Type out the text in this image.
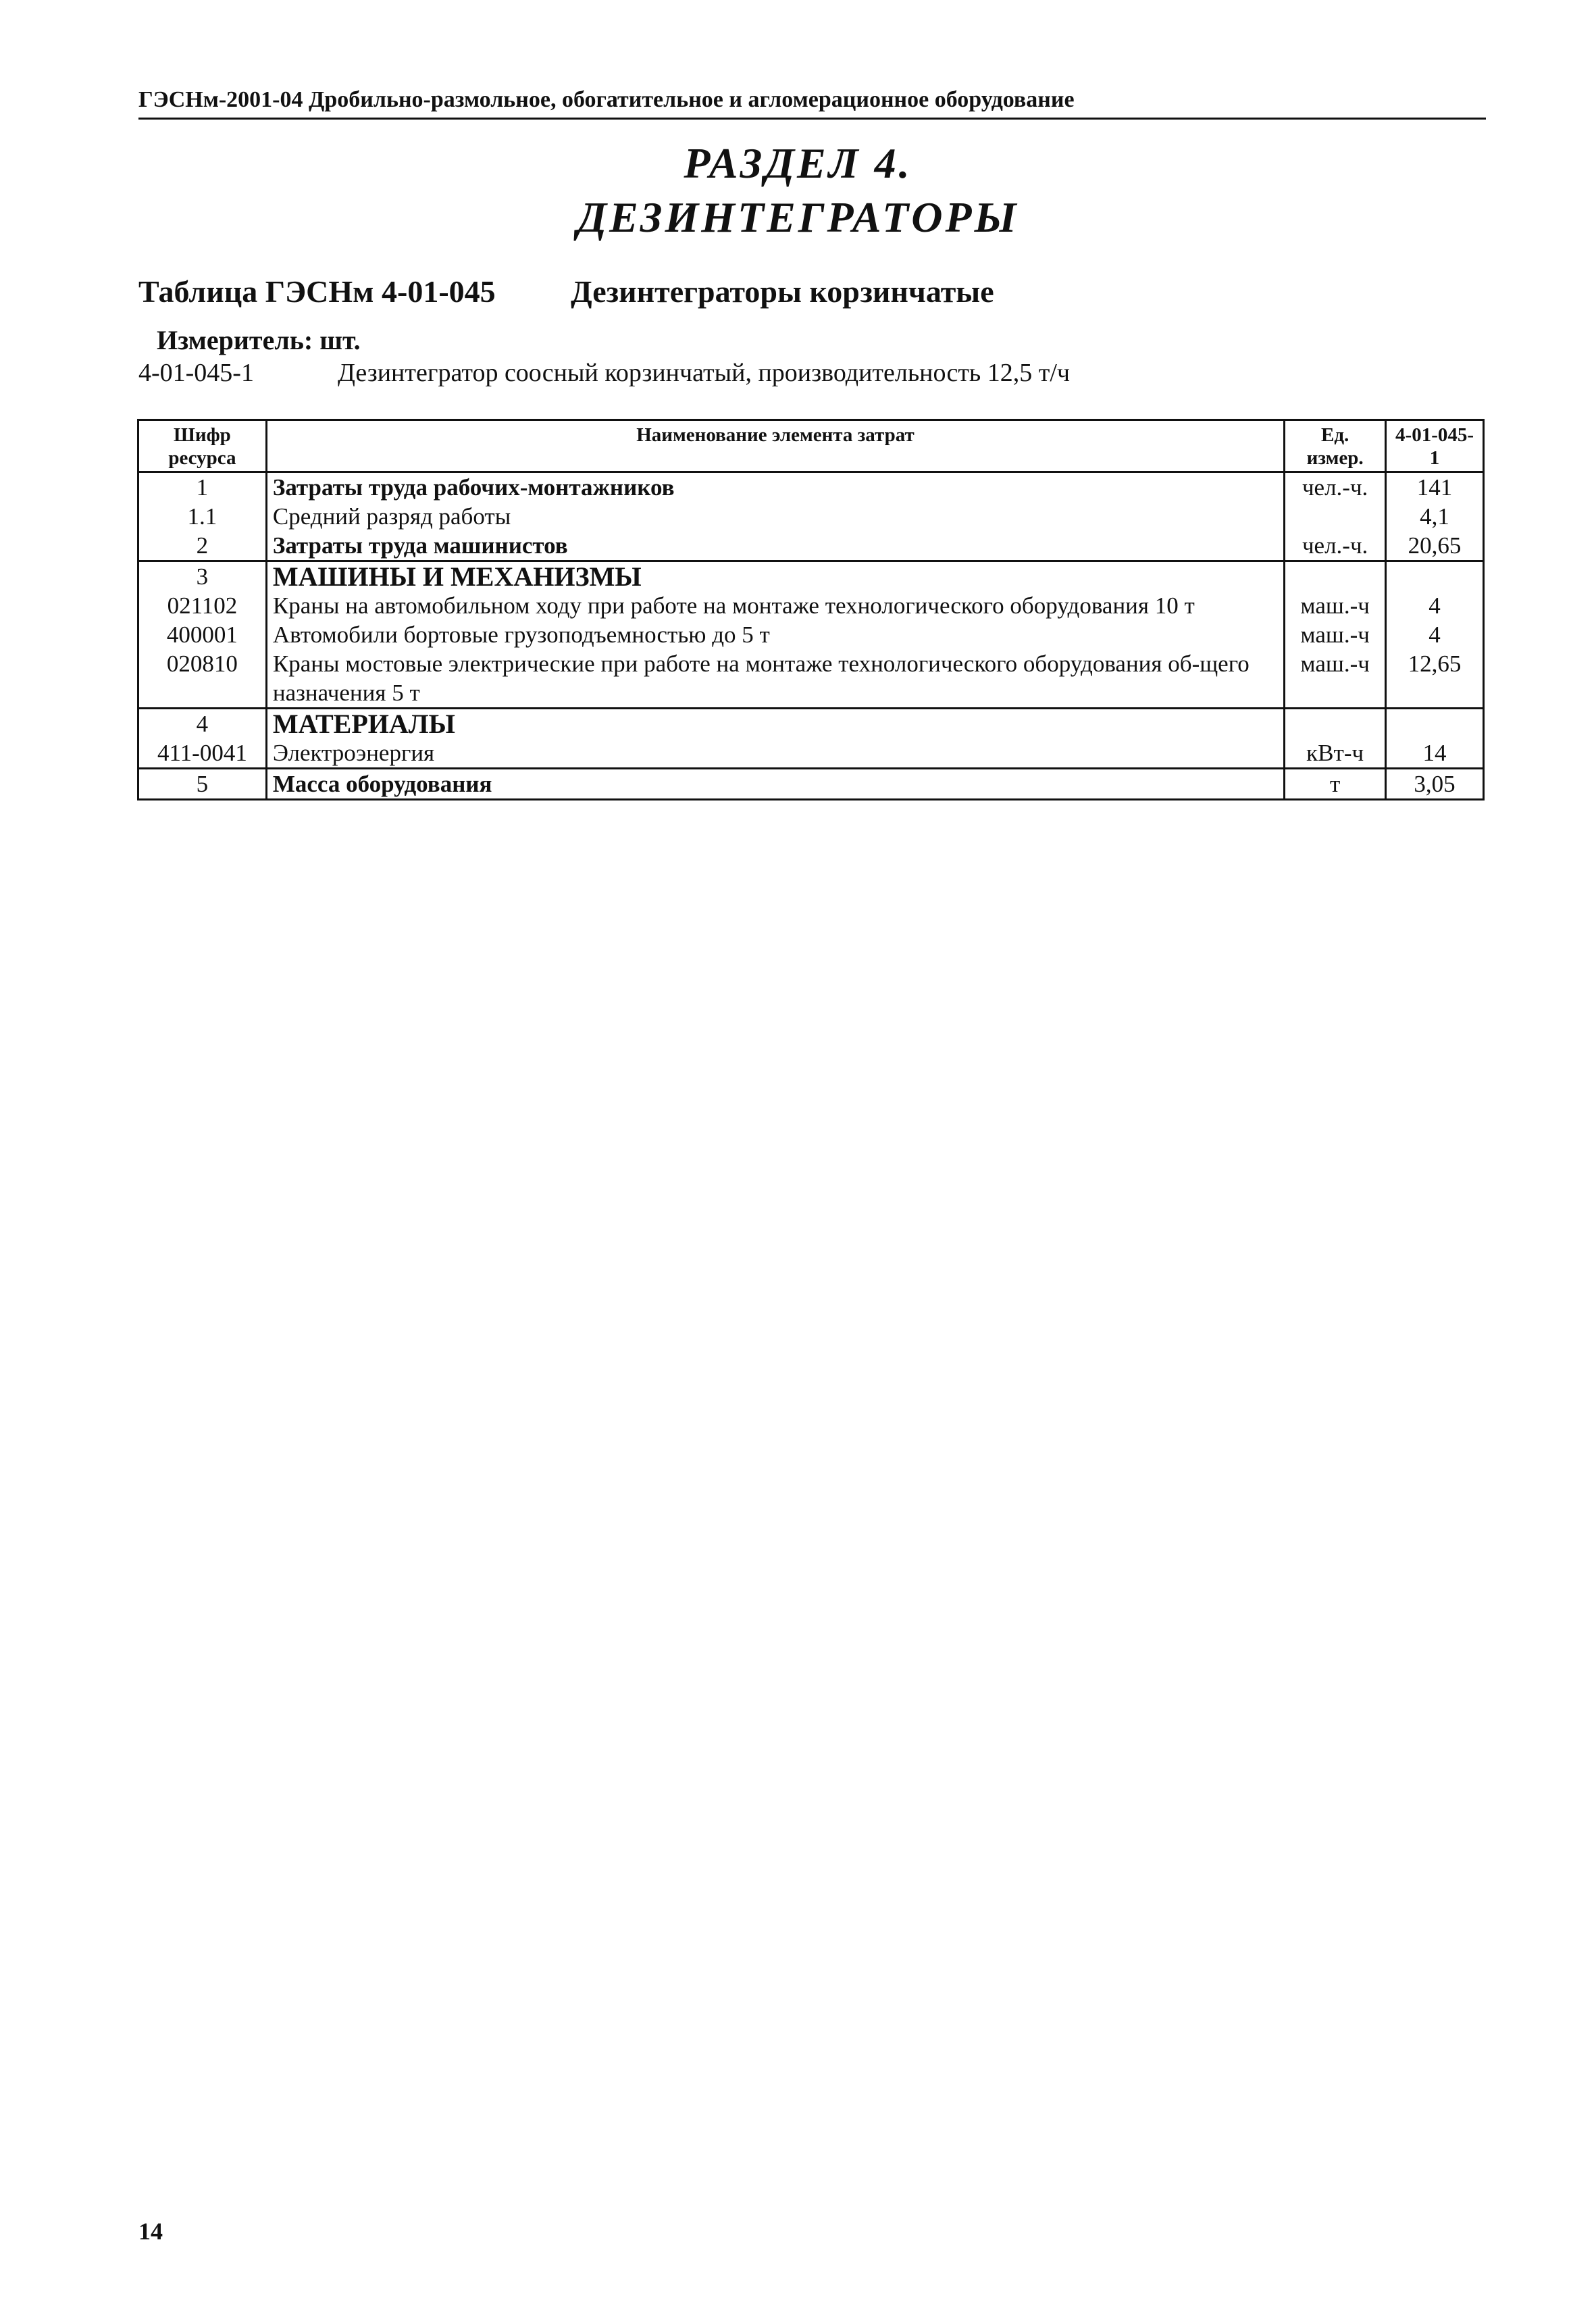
ГЭСНм-2001-04 Дробильно-размольное, обогатительное и агломерационное оборудование
РАЗДЕЛ 4.
ДЕЗИНТЕГРАТОРЫ
Таблица ГЭСНм 4-01-045 Дезинтеграторы корзинчатые
Измеритель: шт.
4-01-045-1	Дезинтегратор соосный корзинчатый, производительность 12,5 т/ч
Шифр ресурса	Наименование элемента затрат	Ед. измер.	4-01-045-1
1	Затраты труда рабочих-монтажников	чел.-ч.	141
1.1	Средний разряд работы		4,1
2	Затраты труда машинистов	чел.-ч.	20,65
3	МАШИНЫ И МЕХАНИЗМЫ		
021102	Краны на автомобильном ходу при работе на монтаже технологического оборудования 10 т	маш.-ч	4
400001	Автомобили бортовые грузоподъемностью до 5 т	маш.-ч	4
020810	Краны мостовые электрические при работе на монтаже технологического оборудования об-щего назначения 5 т	маш.-ч	12,65
4	МАТЕРИАЛЫ		
411-0041	Электроэнергия	кВт-ч	14
5	Масса оборудования	т	3,05
14
